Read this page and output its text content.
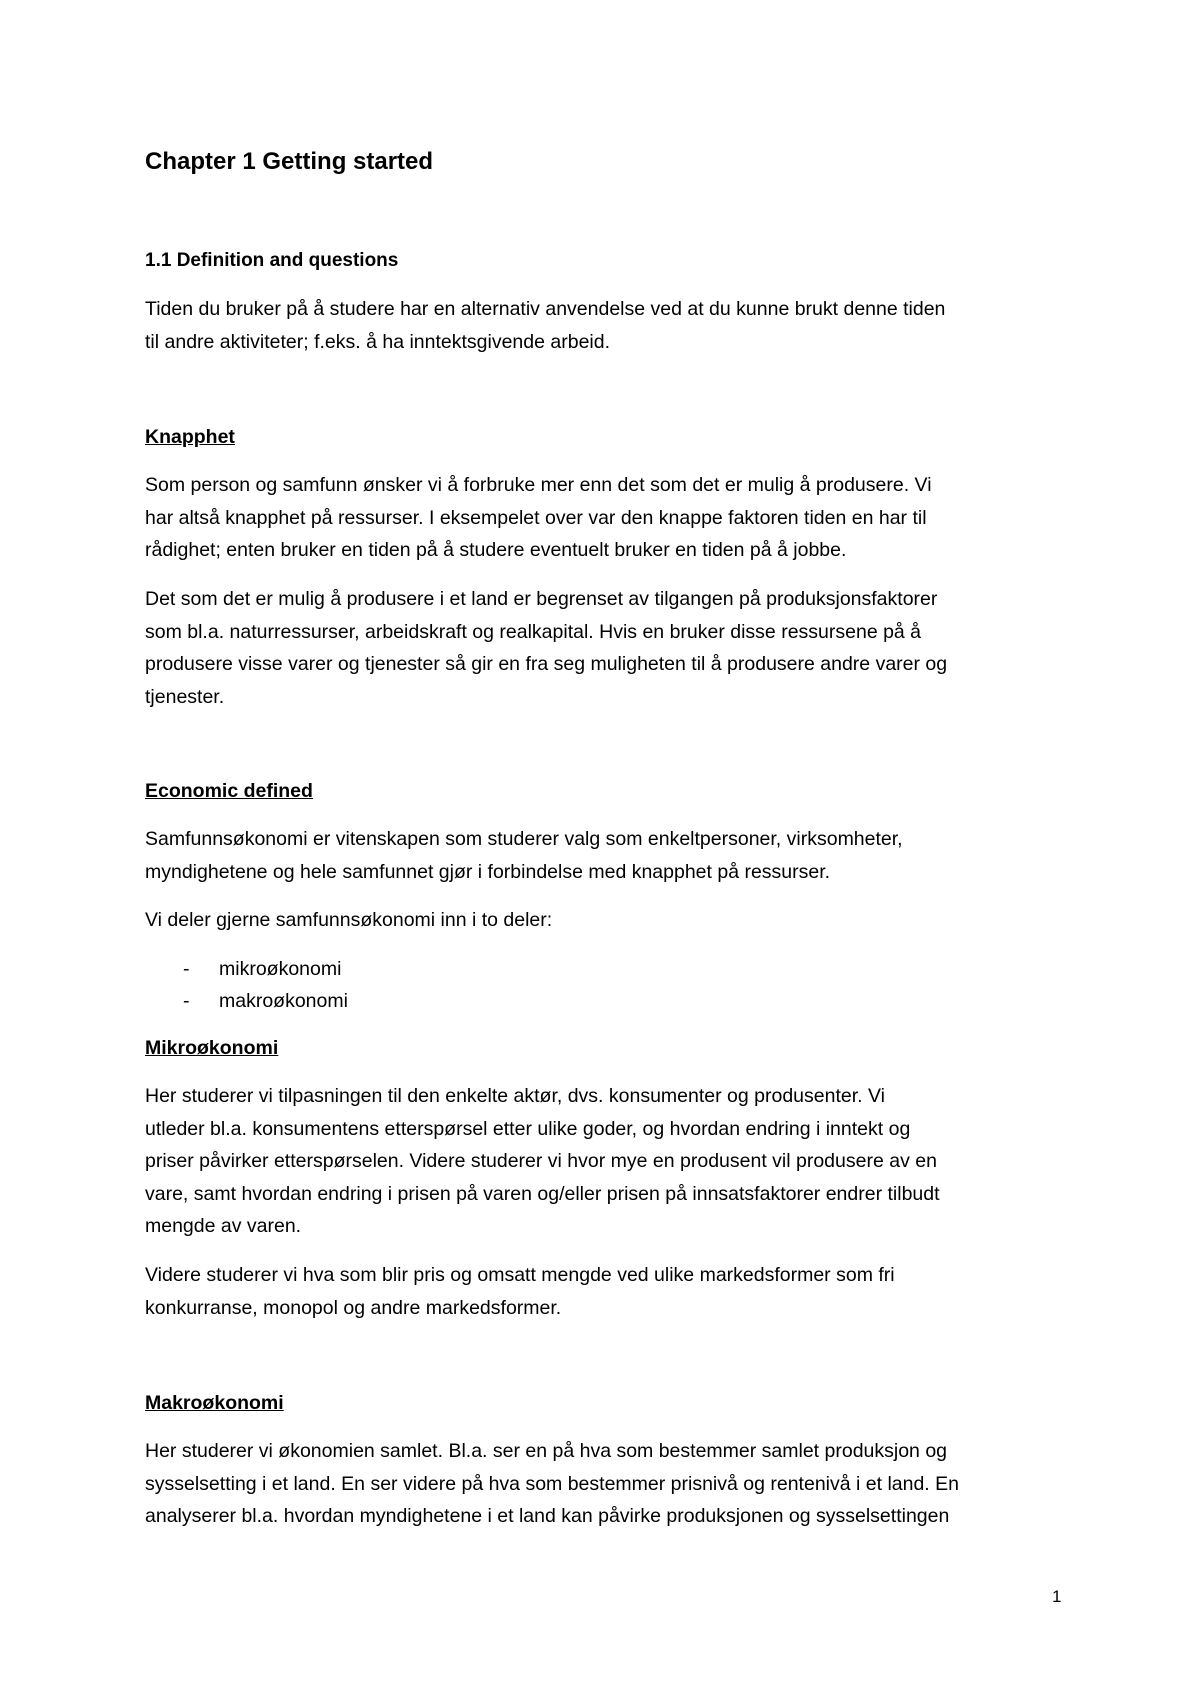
Chapter 1 Getting started
1.1 Definition and questions

Tiden du bruker på å studere har en alternativ anvendelse ved at du kunne brukt denne tiden
til andre aktiviteter; f.eks. å ha inntektsgivende arbeid.

Knapphet

Som person og samfunn ønsker vi å forbruke mer enn det som det er mulig å produsere. Vi
har altså knapphet på ressurser. I eksempelet over var den knappe faktoren tiden en har til
rådighet; enten bruker en tiden på å studere eventuelt bruker en tiden på å jobbe.

Det som det er mulig å produsere i et land er begrenset av tilgangen på produksjonsfaktorer
som bl.a. naturressurser, arbeidskraft og realkapital. Hvis en bruker disse ressursene på å
produsere visse varer og tjenester så gir en fra seg muligheten til å produsere andre varer og
tjenester.

Economic defined

Samfunnsøkonomi er vitenskapen som studerer valg som enkeltpersoner, virksomheter,
myndighetene og hele samfunnet gjør i forbindelse med knapphet på ressurser.

Vi deler gjerne samfunnsøkonomi inn i to deler:

- mikroøkonomi
- makroøkonomi
Mikroøkonomi

Her studerer vi tilpasningen til den enkelte aktør, dvs. konsumenter og produsenter. Vi
utleder bl.a. konsumentens etterspørsel etter ulike goder, og hvordan endring i inntekt og
priser påvirker etterspørselen. Videre studerer vi hvor mye en produsent vil produsere av en
vare, samt hvordan endring i prisen på varen og/eller prisen på innsatsfaktorer endrer tilbudt
mengde av varen.

Videre studerer vi hva som blir pris og omsatt mengde ved ulike markedsformer som fri
konkurranse, monopol og andre markedsformer.

Makroøkonomi

Her studerer vi økonomien samlet. Bl.a. ser en på hva som bestemmer samlet produksjon og
sysselsetting i et land. En ser videre på hva som bestemmer prisnivå og rentenivå i et land. En
analyserer bl.a. hvordan myndighetene i et land kan påvirke produksjonen og sysselsettingen

1
